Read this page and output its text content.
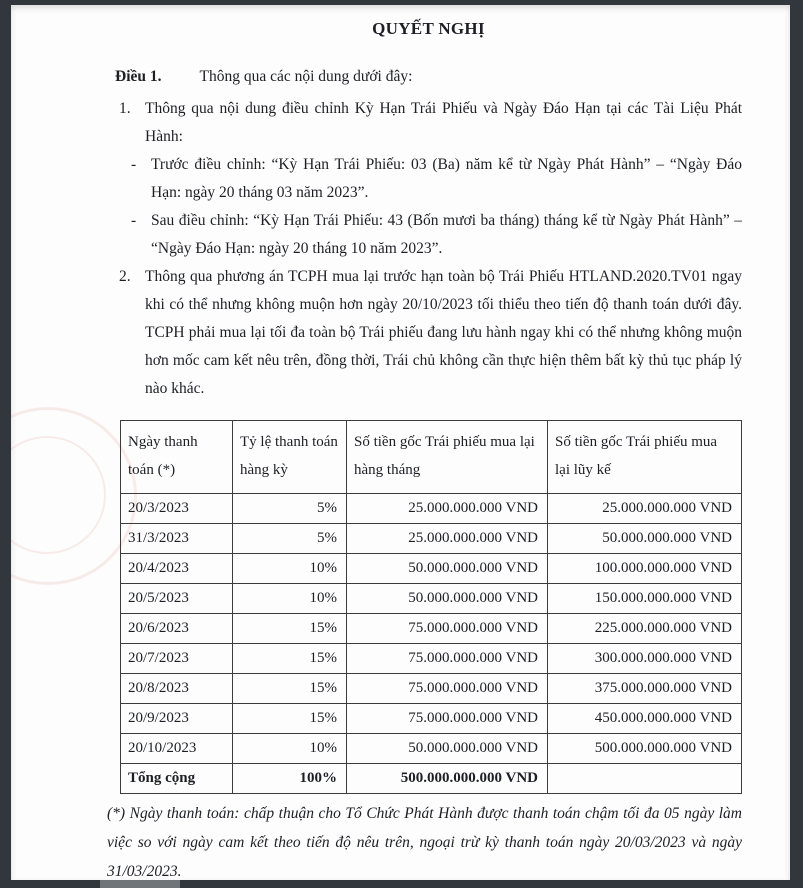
QUYẾT NGHỊ

Điều 1. Thông qua các nội dung dưới đây:

1. Thông qua nội dung điều chỉnh Kỳ Hạn Trái Phiếu và Ngày Đáo Hạn tại các Tài Liệu Phát Hành:
- Trước điều chỉnh: “Kỳ Hạn Trái Phiếu: 03 (Ba) năm kể từ Ngày Phát Hành” – “Ngày Đáo Hạn: ngày 20 tháng 03 năm 2023”.
- Sau điều chỉnh: “Kỳ Hạn Trái Phiếu: 43 (Bốn mươi ba tháng) tháng kể từ Ngày Phát Hành” – “Ngày Đáo Hạn: ngày 20 tháng 10 năm 2023”.
2. Thông qua phương án TCPH mua lại trước hạn toàn bộ Trái Phiếu HTLAND.2020.TV01 ngay khi có thể nhưng không muộn hơn ngày 20/10/2023 tối thiểu theo tiến độ thanh toán dưới đây. TCPH phải mua lại tối đa toàn bộ Trái phiếu đang lưu hành ngay khi có thể nhưng không muộn hơn mốc cam kết nêu trên, đồng thời, Trái chủ không cần thực hiện thêm bất kỳ thủ tục pháp lý nào khác.
Ngày thanh toán (*)	Tỷ lệ thanh toán hàng kỳ	Số tiền gốc Trái phiếu mua lại hàng tháng	Số tiền gốc Trái phiếu mua lại lũy kế
20/3/2023	5%	25.000.000.000 VND	25.000.000.000 VND
31/3/2023	5%	25.000.000.000 VND	50.000.000.000 VND
20/4/2023	10%	50.000.000.000 VND	100.000.000.000 VND
20/5/2023	10%	50.000.000.000 VND	150.000.000.000 VND
20/6/2023	15%	75.000.000.000 VND	225.000.000.000 VND
20/7/2023	15%	75.000.000.000 VND	300.000.000.000 VND
20/8/2023	15%	75.000.000.000 VND	375.000.000.000 VND
20/9/2023	15%	75.000.000.000 VND	450.000.000.000 VND
20/10/2023	10%	50.000.000.000 VND	500.000.000.000 VND
Tổng cộng	100%	500.000.000.000 VND	

(*) Ngày thanh toán: chấp thuận cho Tổ Chức Phát Hành được thanh toán chậm tối đa 05 ngày làm việc so với ngày cam kết theo tiến độ nêu trên, ngoại trừ kỳ thanh toán ngày 20/03/2023 và ngày 31/03/2023.
